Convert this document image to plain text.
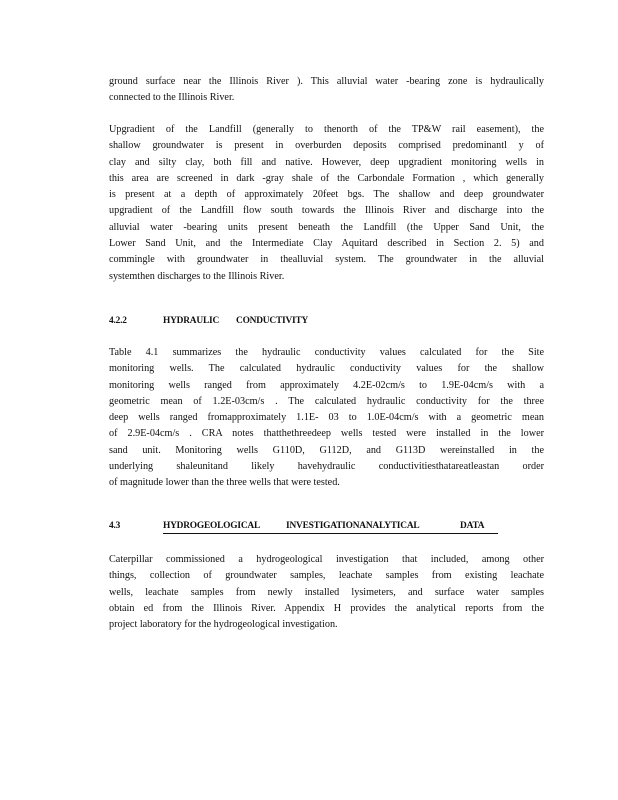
ground surface near the Illinois River ). This alluvial water -bearing zone is hydraulically
connected to the Illinois River.
Upgradient of the Landfill (generally to thenorth of the TP&W rail easement), the
shallow groundwater is present in overburden deposits comprised predominantl y of
clay and silty clay, both fill and native. However, deep upgradient monitoring wells in
this area are screened in dark -gray shale of the Carbondale Formation , which generally
is present at a depth of approximately 20feet bgs. The shallow and deep groundwater
upgradient of the Landfill flow south towards the Illinois River and discharge into the
alluvial water -bearing units present beneath the Landfill (the Upper Sand Unit, the
Lower Sand Unit, and the Intermediate Clay Aquitard described in Section 2. 5) and
commingle with groundwater in thealluvial system. The groundwater in the alluvial
systemthen discharges to the Illinois River.
4.2.2	HYDRAULIC CONDUCTIVITY
Table 4.1 summarizes the hydraulic conductivity values calculated for the Site
monitoring wells. The calculated hydraulic conductivity values for the shallow
monitoring wells ranged from approximately 4.2E-02cm/s to 1.9E-04cm/s with a
geometric mean of 1.2E-03cm/s . The calculated hydraulic conductivity for the three
deep wells ranged fromapproximately 1.1E- 03 to 1.0E-04cm/s with a geometric mean
of 2.9E-04cm/s . CRA notes thatthethreedeep wells tested were installed in the lower
sand unit. Monitoring wells G110D, G112D, and G113D wereinstalled in the
underlying shaleunitand likely havehydraulic conductivitiesthatareatleastan order
of magnitude lower than the three wells that were tested.
4.3	HYDROGEOLOGICAL	INVESTIGATIONANALYTICAL	DATA
Caterpillar commissioned a hydrogeological investigation that included, among other
things, collection of groundwater samples, leachate samples from existing leachate
wells, leachate samples from newly installed lysimeters, and surface water samples
obtain ed from the Illinois River. Appendix H provides the analytical reports from the
project laboratory for the hydrogeological investigation.
